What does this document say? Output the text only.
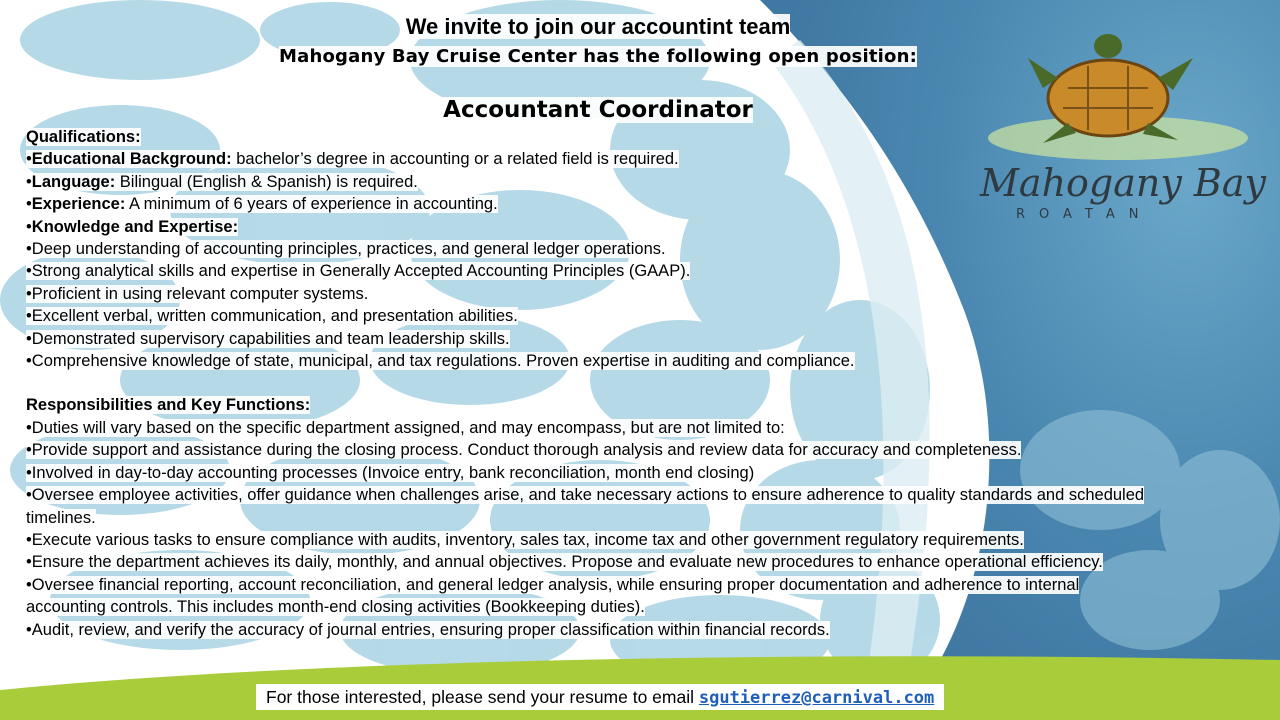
Mahogany Bay
ROATAN
We invite to join our accountint team
Mahogany Bay Cruise Center has the following open position:
Accountant Coordinator
Qualifications:
•Educational Background: bachelor’s degree in accounting or a related field is required.
•Language: Bilingual (English & Spanish) is required.
•Experience: A minimum of 6 years of experience in accounting.
•Knowledge and Expertise:
•Deep understanding of accounting principles, practices, and general ledger operations.
•Strong analytical skills and expertise in Generally Accepted Accounting Principles (GAAP).
•Proficient in using relevant computer systems.
•Excellent verbal, written communication, and presentation abilities.
•Demonstrated supervisory capabilities and team leadership skills.
•Comprehensive knowledge of state, municipal, and tax regulations. Proven expertise in auditing and compliance.
Responsibilities and Key Functions:
•Duties will vary based on the specific department assigned, and may encompass, but are not limited to:
•Provide support and assistance during the closing process. Conduct thorough analysis and review data for accuracy and completeness.
•Involved in day-to-day accounting processes (Invoice entry, bank reconciliation, month end closing)
•Oversee employee activities, offer guidance when challenges arise, and take necessary actions to ensure adherence to quality standards and scheduled timelines.
•Execute various tasks to ensure compliance with audits, inventory, sales tax, income tax and other government regulatory requirements.
•Ensure the department achieves its daily, monthly, and annual objectives. Propose and evaluate new procedures to enhance operational efficiency.
•Oversee financial reporting, account reconciliation, and general ledger analysis, while ensuring proper documentation and adherence to internal accounting controls. This includes month-end closing activities (Bookkeeping duties).
•Audit, review, and verify the accuracy of journal entries, ensuring proper classification within financial records.
For those interested, please send your resume to email sgutierrez@carnival.com
